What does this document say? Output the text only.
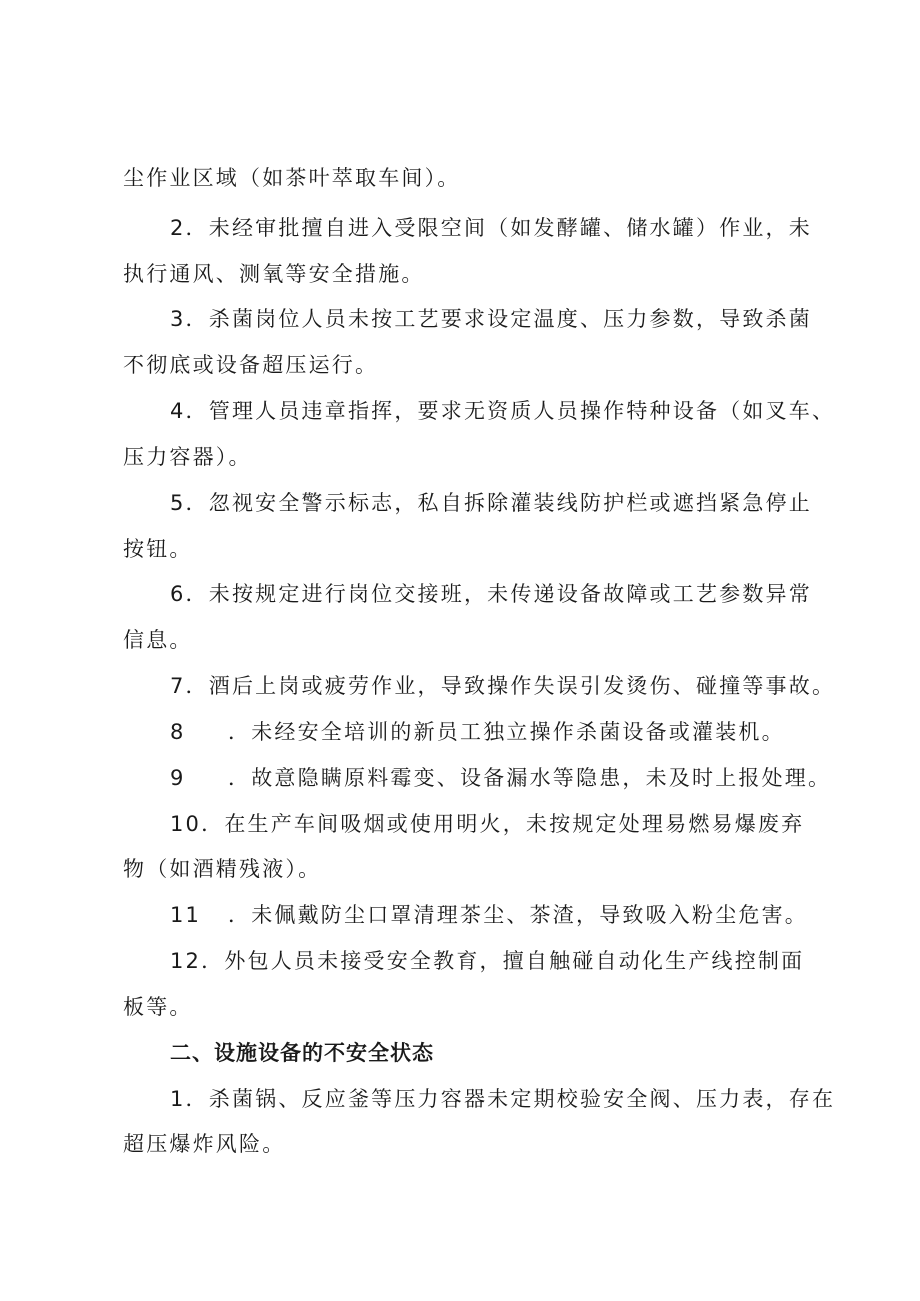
尘作业区域（如茶叶萃取车间）。
2．未经审批擅自进入受限空间（如发酵罐、储水罐）作业，未
执行通风、测氧等安全措施。
3．杀菌岗位人员未按工艺要求设定温度、压力参数，导致杀菌
不彻底或设备超压运行。
4．管理人员违章指挥，要求无资质人员操作特种设备（如叉车、
压力容器）。
5．忽视安全警示标志，私自拆除灌装线防护栏或遮挡紧急停止
按钮。
6．未按规定进行岗位交接班，未传递设备故障或工艺参数异常
信息。
7．酒后上岗或疲劳作业，导致操作失误引发烫伤、碰撞等事故。
8 ．未经安全培训的新员工独立操作杀菌设备或灌装机。
9 ．故意隐瞒原料霉变、设备漏水等隐患，未及时上报处理。
10．在生产车间吸烟或使用明火，未按规定处理易燃易爆废弃
物（如酒精残液）。
11 ．未佩戴防尘口罩清理茶尘、茶渣，导致吸入粉尘危害。
12．外包人员未接受安全教育，擅自触碰自动化生产线控制面
板等。
二、设施设备的不安全状态
1．杀菌锅、反应釜等压力容器未定期校验安全阀、压力表，存在
超压爆炸风险。
